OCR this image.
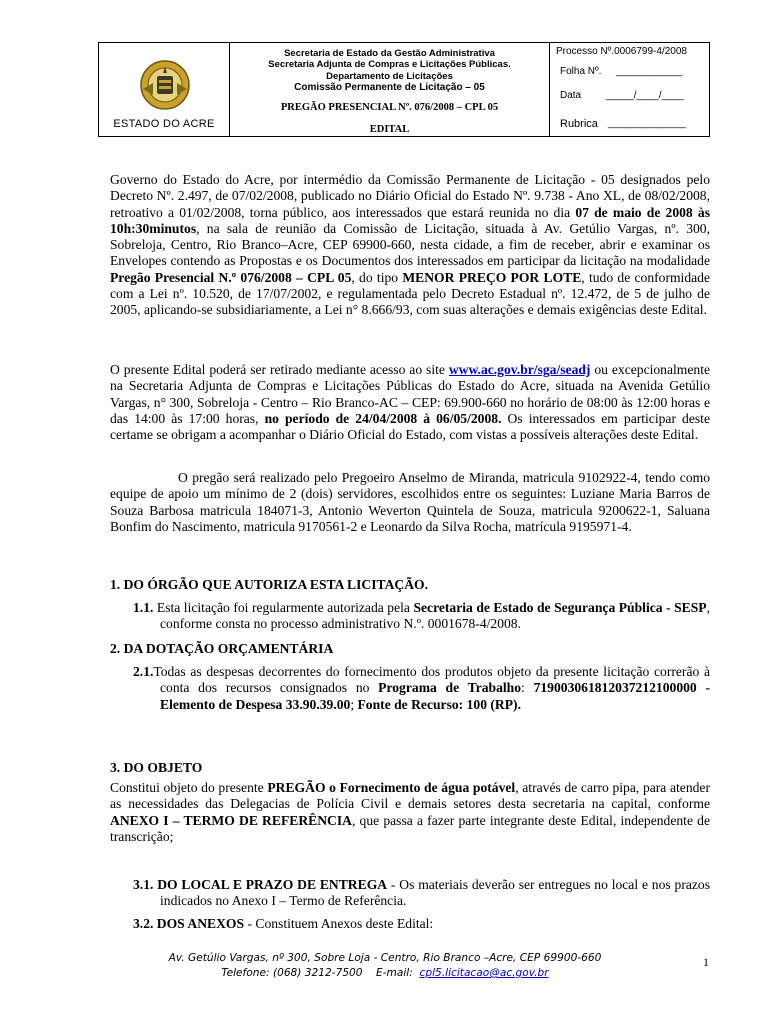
ESTADO DO ACRE
Secretaria de Estado da Gestão Administrativa
Secretaria Adjunta de Compras e Licitações Públicas.
Departamento de Licitações
Comissão Permanente de Licitação – 05
PREGÃO PRESENCIAL Nº. 076/2008 – CPL 05
EDITAL
Processo Nº.0006799-4/2008
Folha Nº. ____________
Data _____/____/____
Rubrica ______________

Governo do Estado do Acre, por intermédio da Comissão Permanente de Licitação - 05 designados pelo Decreto Nº. 2.497, de 07/02/2008, publicado no Diário Oficial do Estado Nº. 9.738 - Ano XL, de 08/02/2008, retroativo a 01/02/2008, torna público, aos interessados que estará reunida no dia 07 de maio de 2008 às 10h:30minutos, na sala de reunião da Comissão de Licitação, situada à Av. Getúlio Vargas, nº. 300, Sobreloja, Centro, Rio Branco–Acre, CEP 69900-660, nesta cidade, a fim de receber, abrir e examinar os Envelopes contendo as Propostas e os Documentos dos interessados em participar da licitação na modalidade Pregão Presencial N.º 076/2008 – CPL 05, do tipo MENOR PREÇO POR LOTE, tudo de conformidade com a Lei nº. 10.520, de 17/07/2002, e regulamentada pelo Decreto Estadual nº. 12.472, de 5 de julho de 2005, aplicando-se subsidiariamente, a Lei n° 8.666/93, com suas alterações e demais exigências deste Edital.

O presente Edital poderá ser retirado mediante acesso ao site www.ac.gov.br/sga/seadj ou excepcionalmente na Secretaria Adjunta de Compras e Licitações Públicas do Estado do Acre, situada na Avenida Getúlio Vargas, n° 300, Sobreloja - Centro – Rio Branco-AC – CEP: 69.900-660 no horário de 08:00 às 12:00 horas e das 14:00 às 17:00 horas, no período de 24/04/2008 à 06/05/2008. Os interessados em participar deste certame se obrigam a acompanhar o Diário Oficial do Estado, com vistas a possíveis alterações deste Edital.

O pregão será realizado pelo Pregoeiro Anselmo de Miranda, matricula 9102922-4, tendo como equipe de apoio um mínimo de 2 (dois) servidores, escolhidos entre os seguintes: Luziane Maria Barros de Souza Barbosa matricula 184071-3, Antonio Weverton Quintela de Souza, matricula 9200622-1, Saluana Bonfim do Nascimento, matricula 9170561-2 e Leonardo da Silva Rocha, matrícula 9195971-4.

1. DO ÓRGÃO QUE AUTORIZA ESTA LICITAÇÃO.

1.1. Esta licitação foi regularmente autorizada pela Secretaria de Estado de Segurança Pública - SESP, conforme consta no processo administrativo N.º. 0001678-4/2008.

2. DA DOTAÇÃO ORÇAMENTÁRIA

2.1.Todas as despesas decorrentes do fornecimento dos produtos objeto da presente licitação correrão à conta dos recursos consignados no Programa de Trabalho: 719003061812037212100000 - Elemento de Despesa 33.90.39.00; Fonte de Recurso: 100 (RP).

3. DO OBJETO

Constitui objeto do presente PREGÃO o Fornecimento de água potável, através de carro pipa, para atender as necessidades das Delegacias de Polícia Civil e demais setores desta secretaria na capital, conforme ANEXO I – TERMO DE REFERÊNCIA, que passa a fazer parte integrante deste Edital, independente de transcrição;

3.1. DO LOCAL E PRAZO DE ENTREGA - Os materiais deverão ser entregues no local e nos prazos indicados no Anexo I – Termo de Referência.

3.2. DOS ANEXOS - Constituem Anexos deste Edital:

Av. Getúlio Vargas, nº 300, Sobre Loja - Centro, Rio Branco –Acre, CEP 69900-660
Telefone: (068) 3212-7500    E-mail:  cpl5.licitacao@ac.gov.br
1
